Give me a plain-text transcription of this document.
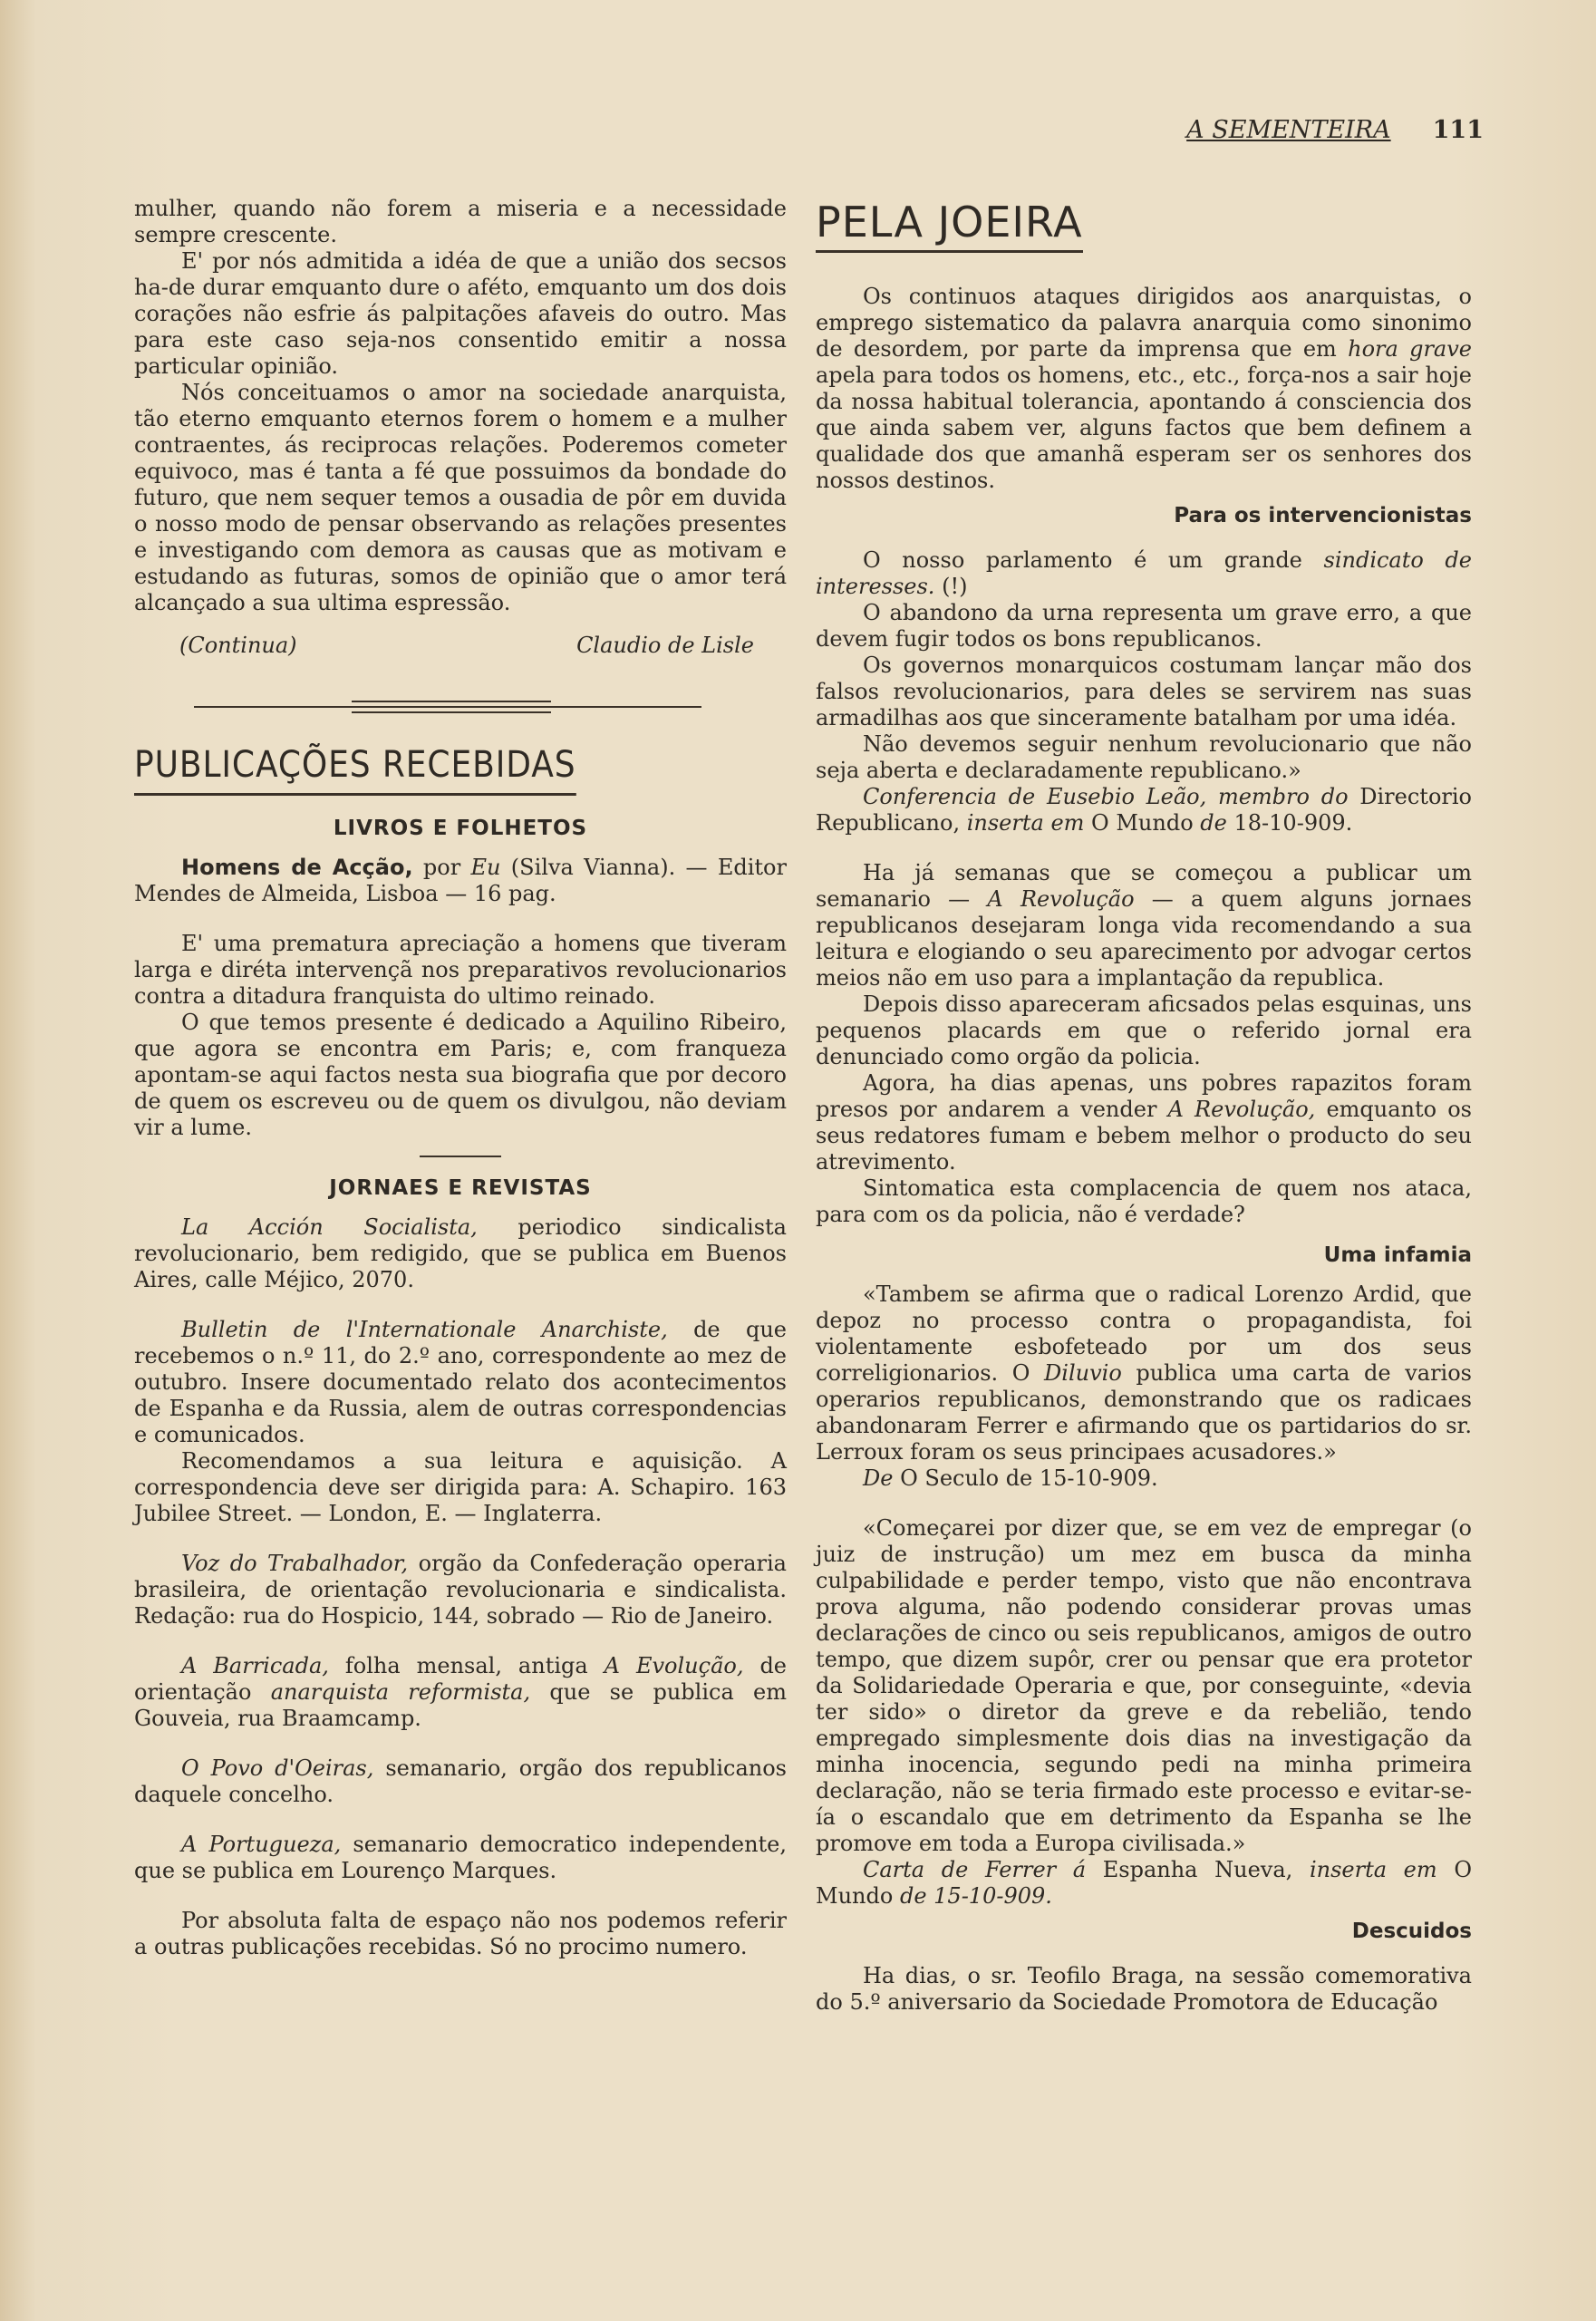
A SEMENTEIRA 111

mulher, quando não forem a miseria e a necessidade sempre crescente.

E' por nós admitida a idéa de que a união dos secsos ha-de durar emquanto dure o aféto, emquanto um dos dois corações não esfrie ás palpitações afaveis do outro. Mas para este caso seja-nos consentido emitir a nossa particular opinião.

Nós conceituamos o amor na sociedade anarquista, tão eterno emquanto eternos forem o homem e a mulher contraentes, ás reciprocas relações. Poderemos cometer equivoco, mas é tanta a fé que possuimos da bondade do futuro, que nem sequer temos a ousadia de pôr em duvida o nosso modo de pensar observando as relações presentes e investigando com demora as causas que as motivam e estudando as futuras, somos de opinião que o amor terá alcançado a sua ultima espressão.

(Continua)	Claudio de Lisle
PUBLICAÇÕES RECEBIDAS
LIVROS E FOLHETOS

Homens de Acção, por Eu (Silva Vianna). — Editor Mendes de Almeida, Lisboa — 16 pag.

E' uma prematura apreciação a homens que tiveram larga e diréta intervençã nos preparativos revolucionarios contra a ditadura franquista do ultimo reinado.

O que temos presente é dedicado a Aquilino Ribeiro, que agora se encontra em Paris; e, com franqueza apontam-se aqui factos nesta sua biografia que por decoro de quem os escreveu ou de quem os divulgou, não deviam vir a lume.

JORNAES E REVISTAS

La Acción Socialista, periodico sindicalista revolucionario, bem redigido, que se publica em Buenos Aires, calle Méjico, 2070.

Bulletin de l'Internationale Anarchiste, de que recebemos o n.º 11, do 2.º ano, correspondente ao mez de outubro. Insere documentado relato dos acontecimentos de Espanha e da Russia, alem de outras correspondencias e comunicados.

Recomendamos a sua leitura e aquisição. A correspondencia deve ser dirigida para: A. Schapiro. 163 Jubilee Street. — London, E. — Inglaterra.

Voz do Trabalhador, orgão da Confederação operaria brasileira, de orientação revolucionaria e sindicalista. Redação: rua do Hospicio, 144, sobrado — Rio de Janeiro.

A Barricada, folha mensal, antiga A Evolução, de orientação anarquista reformista, que se publica em Gouveia, rua Braamcamp.

O Povo d'Oeiras, semanario, orgão dos republicanos daquele concelho.

A Portugueza, semanario democratico independente, que se publica em Lourenço Marques.

Por absoluta falta de espaço não nos podemos referir a outras publicações recebidas. Só no procimo numero.

PELA JOEIRA

Os continuos ataques dirigidos aos anarquistas, o emprego sistematico da palavra anarquia como sinonimo de desordem, por parte da imprensa que em hora grave apela para todos os homens, etc., etc., força-nos a sair hoje da nossa habitual tolerancia, apontando á consciencia dos que ainda sabem ver, alguns factos que bem definem a qualidade dos que amanhã esperam ser os senhores dos nossos destinos.

Para os intervencionistas

O nosso parlamento é um grande sindicato de interesses. (!)

O abandono da urna representa um grave erro, a que devem fugir todos os bons republicanos.

Os governos monarquicos costumam lançar mão dos falsos revolucionarios, para deles se servirem nas suas armadilhas aos que sinceramente batalham por uma idéa.

Não devemos seguir nenhum revolucionario que não seja aberta e declaradamente republicano.»

Conferencia de Eusebio Leão, membro do Directorio Republicano, inserta em O Mundo de 18-10-909.

Ha já semanas que se começou a publicar um semanario — A Revolução — a quem alguns jornaes republicanos desejaram longa vida recomendando a sua leitura e elogiando o seu aparecimento por advogar certos meios não em uso para a implantação da republica.

Depois disso apareceram aficsados pelas esquinas, uns pequenos placards em que o referido jornal era denunciado como orgão da policia.

Agora, ha dias apenas, uns pobres rapazitos foram presos por andarem a vender A Revolução, emquanto os seus redatores fumam e bebem melhor o producto do seu atrevimento.

Sintomatica esta complacencia de quem nos ataca, para com os da policia, não é verdade?

Uma infamia

«Tambem se afirma que o radical Lorenzo Ardid, que depoz no processo contra o propagandista, foi violentamente esbofeteado por um dos seus correligionarios. O Diluvio publica uma carta de varios operarios republicanos, demonstrando que os radicaes abandonaram Ferrer e afirmando que os partidarios do sr. Lerroux foram os seus principaes acusadores.»

De O Seculo de 15-10-909.

«Começarei por dizer que, se em vez de empregar (o juiz de instrução) um mez em busca da minha culpabilidade e perder tempo, visto que não encontrava prova alguma, não podendo considerar provas umas declarações de cinco ou seis republicanos, amigos de outro tempo, que dizem supôr, crer ou pensar que era protetor da Solidariedade Operaria e que, por conseguinte, «devia ter sido» o diretor da greve e da rebelião, tendo empregado simplesmente dois dias na investigação da minha inocencia, segundo pedi na minha primeira declaração, não se teria firmado este processo e evitar-se-ía o escandalo que em detrimento da Espanha se lhe promove em toda a Europa civilisada.»

Carta de Ferrer á Espanha Nueva, inserta em O Mundo de 15-10-909.

Descuidos

Ha dias, o sr. Teofilo Braga, na sessão comemorativa do 5.º aniversario da Sociedade Promotora de Educação
